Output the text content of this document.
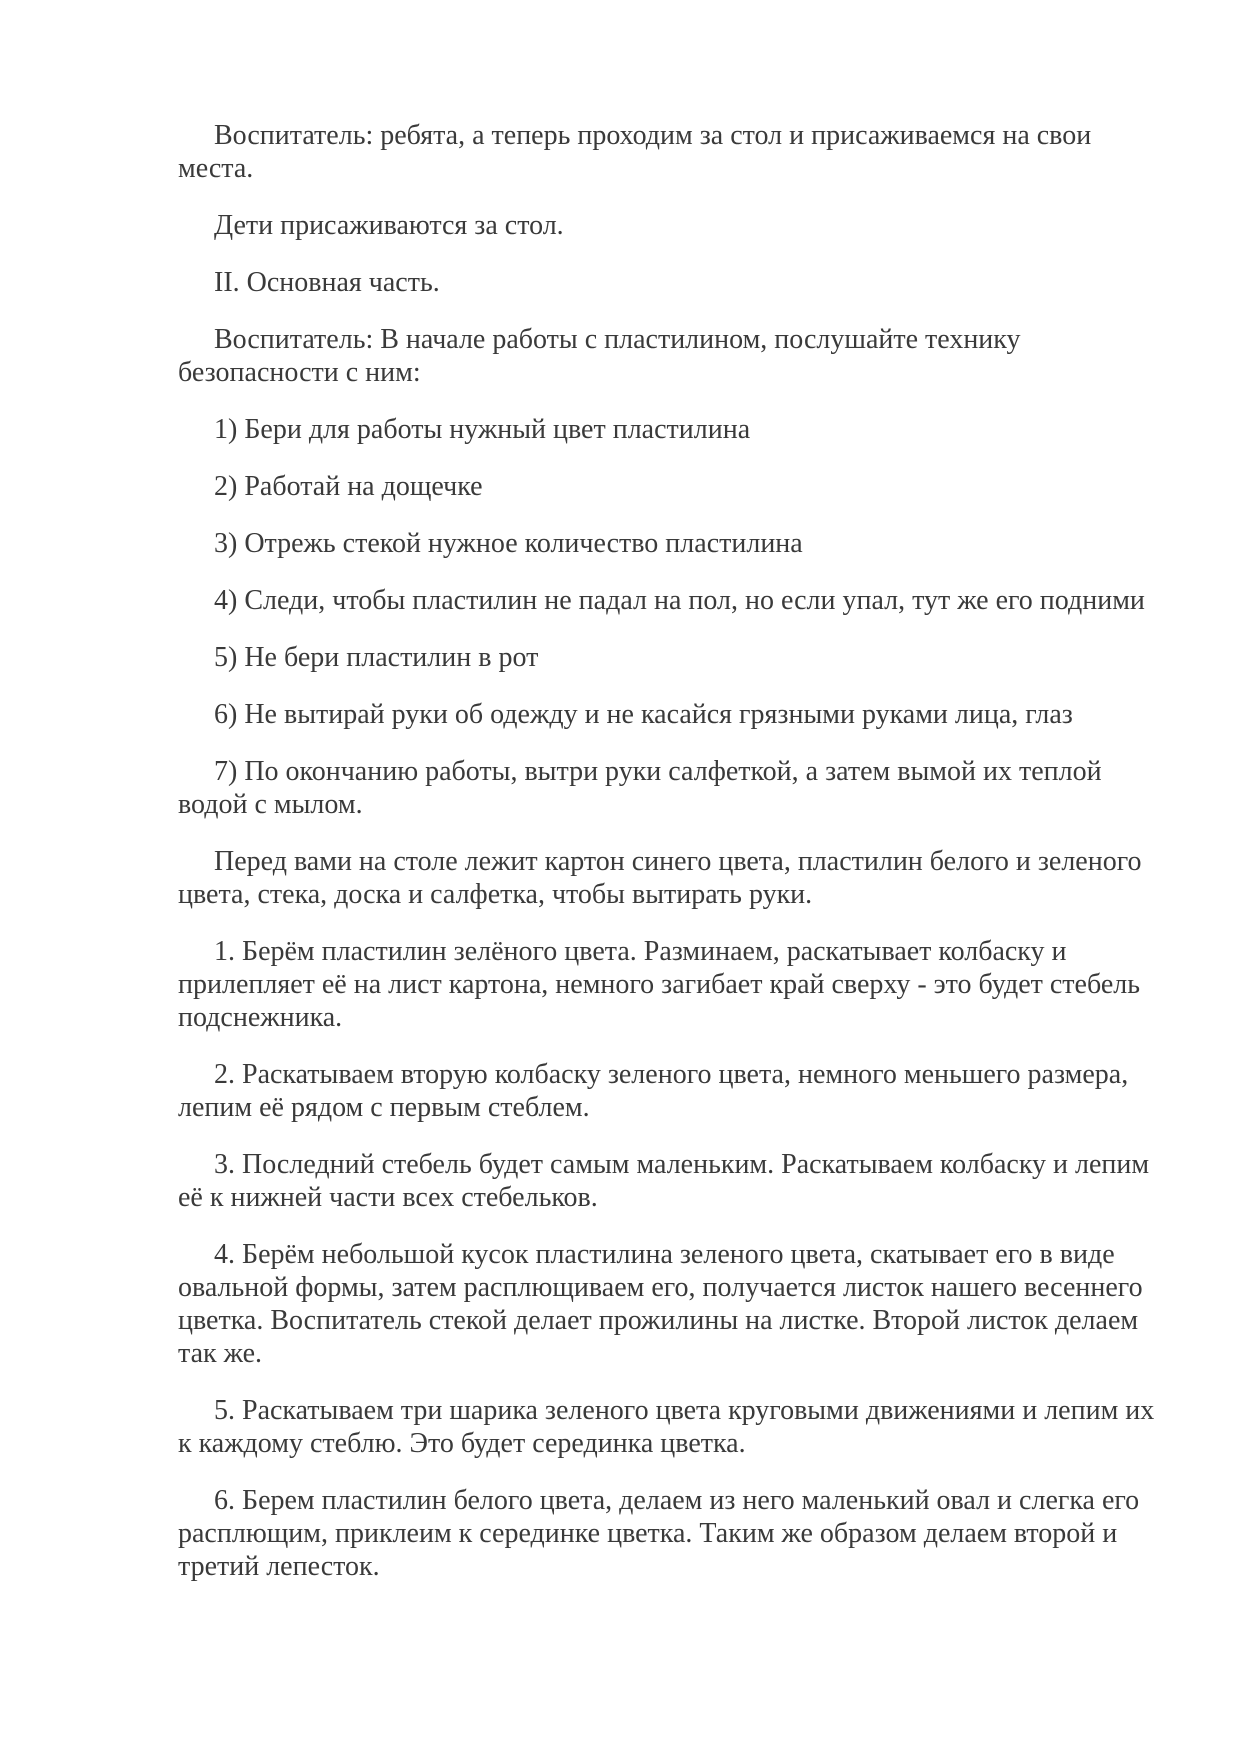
Воспитатель: ребята, а теперь проходим за стол и присаживаемся на свои места.

Дети присаживаются за стол.

II. Основная часть.

Воспитатель: В начале работы с пластилином, послушайте технику безопасности с ним:

1) Бери для работы нужный цвет пластилина

2) Работай на дощечке

3) Отрежь стекой нужное количество пластилина

4) Следи, чтобы пластилин не падал на пол, но если упал, тут же его подними

5) Не бери пластилин в рот

6) Не вытирай руки об одежду и не касайся грязными руками лица, глаз

7) По окончанию работы, вытри руки салфеткой, а затем вымой их теплой водой с мылом.

Перед вами на столе лежит картон синего цвета, пластилин белого и зеленого цвета, стека, доска и салфетка, чтобы вытирать руки.

1. Берём пластилин зелёного цвета. Разминаем, раскатывает колбаску и прилепляет её на лист картона, немного загибает край сверху - это будет стебель подснежника.

2. Раскатываем вторую колбаску зеленого цвета, немного меньшего размера, лепим её рядом с первым стеблем.

3. Последний стебель будет самым маленьким. Раскатываем колбаску и лепим её к нижней части всех стебельков.

4. Берём небольшой кусок пластилина зеленого цвета, скатывает его в виде овальной формы, затем расплющиваем его, получается листок нашего весеннего цветка. Воспитатель стекой делает прожилины на листке. Второй листок делаем так же.

5. Раскатываем три шарика зеленого цвета круговыми движениями и лепим их к каждому стеблю. Это будет серединка цветка.

6. Берем пластилин белого цвета, делаем из него маленький овал и слегка его расплющим, приклеим к серединке цветка. Таким же образом делаем второй и третий лепесток.
